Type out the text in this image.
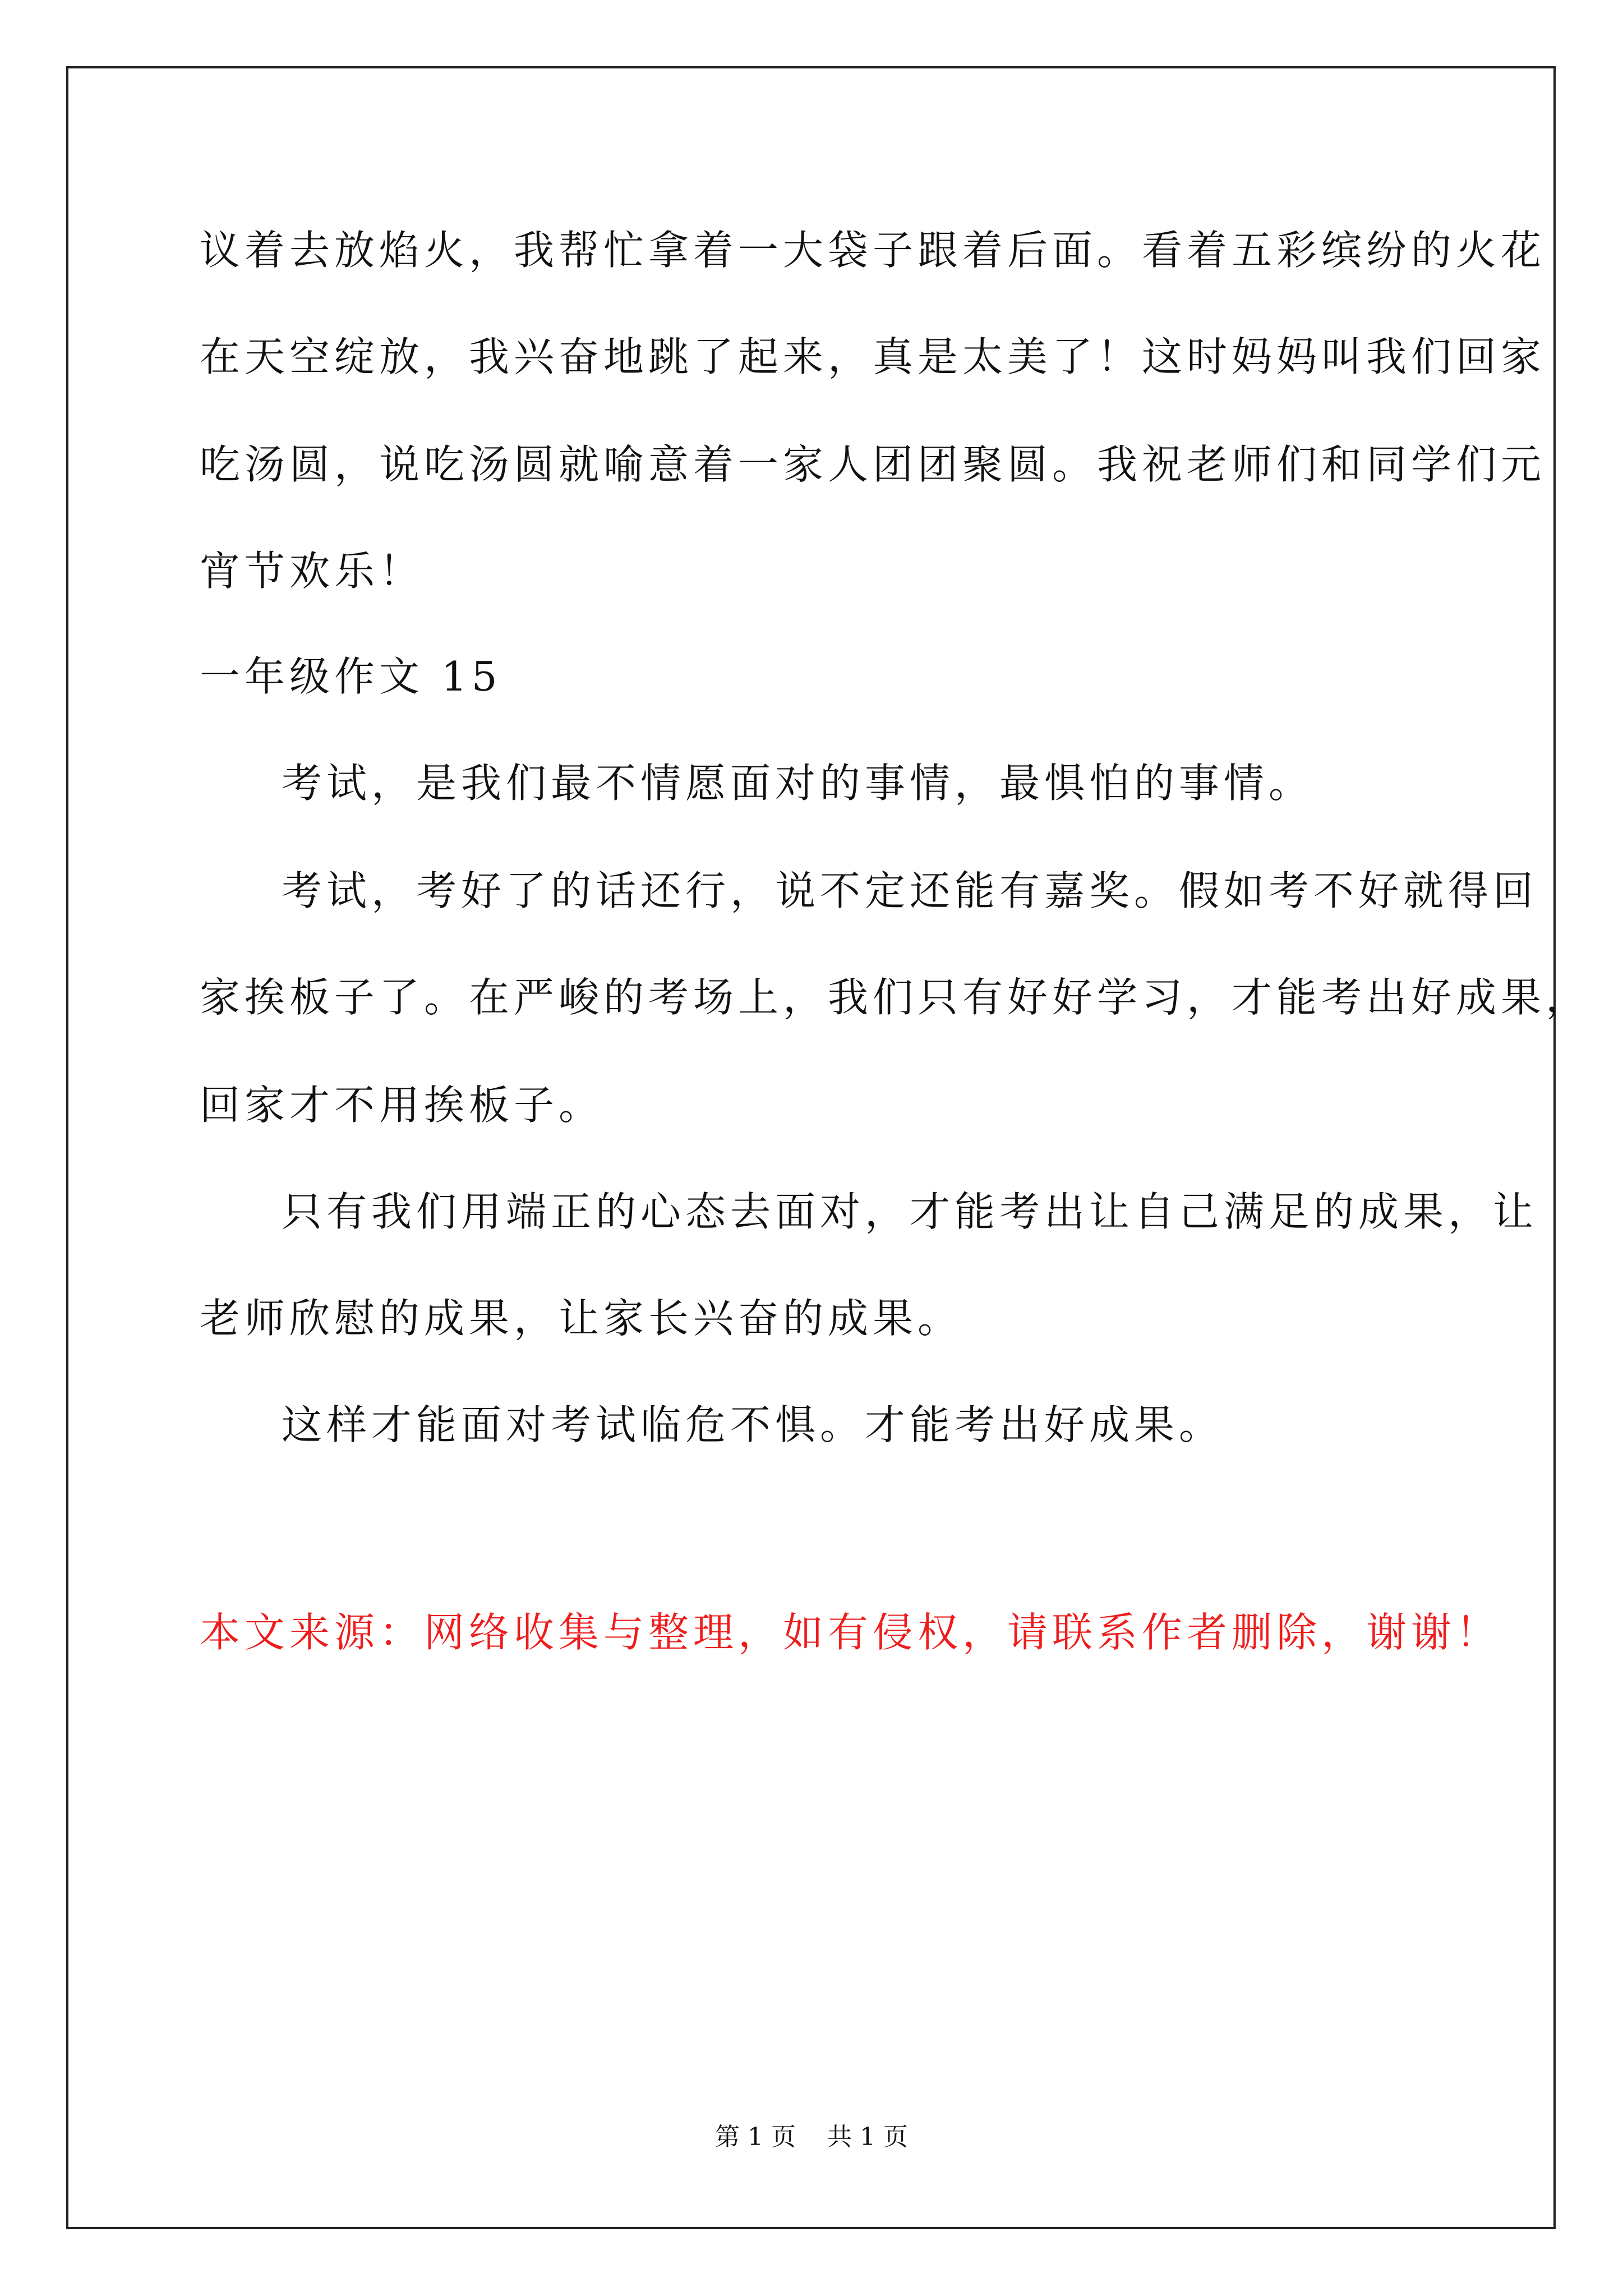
议着去放焰火，我帮忙拿着一大袋子跟着后面。看着五彩缤纷的火花
在天空绽放，我兴奋地跳了起来，真是太美了！这时妈妈叫我们回家
吃汤圆，说吃汤圆就喻意着一家人团团聚圆。我祝老师们和同学们元
宵节欢乐！
一年级作文 15
考试，是我们最不情愿面对的事情，最惧怕的事情。
考试，考好了的话还行，说不定还能有嘉奖。假如考不好就得回
家挨板子了。在严峻的考场上，我们只有好好学习，才能考出好成果，
回家才不用挨板子。
只有我们用端正的心态去面对，才能考出让自己满足的成果，让
老师欣慰的成果，让家长兴奋的成果。
这样才能面对考试临危不惧。才能考出好成果。
本文来源：网络收集与整理，如有侵权，请联系作者删除，谢谢！
第 1 页    共 1 页
